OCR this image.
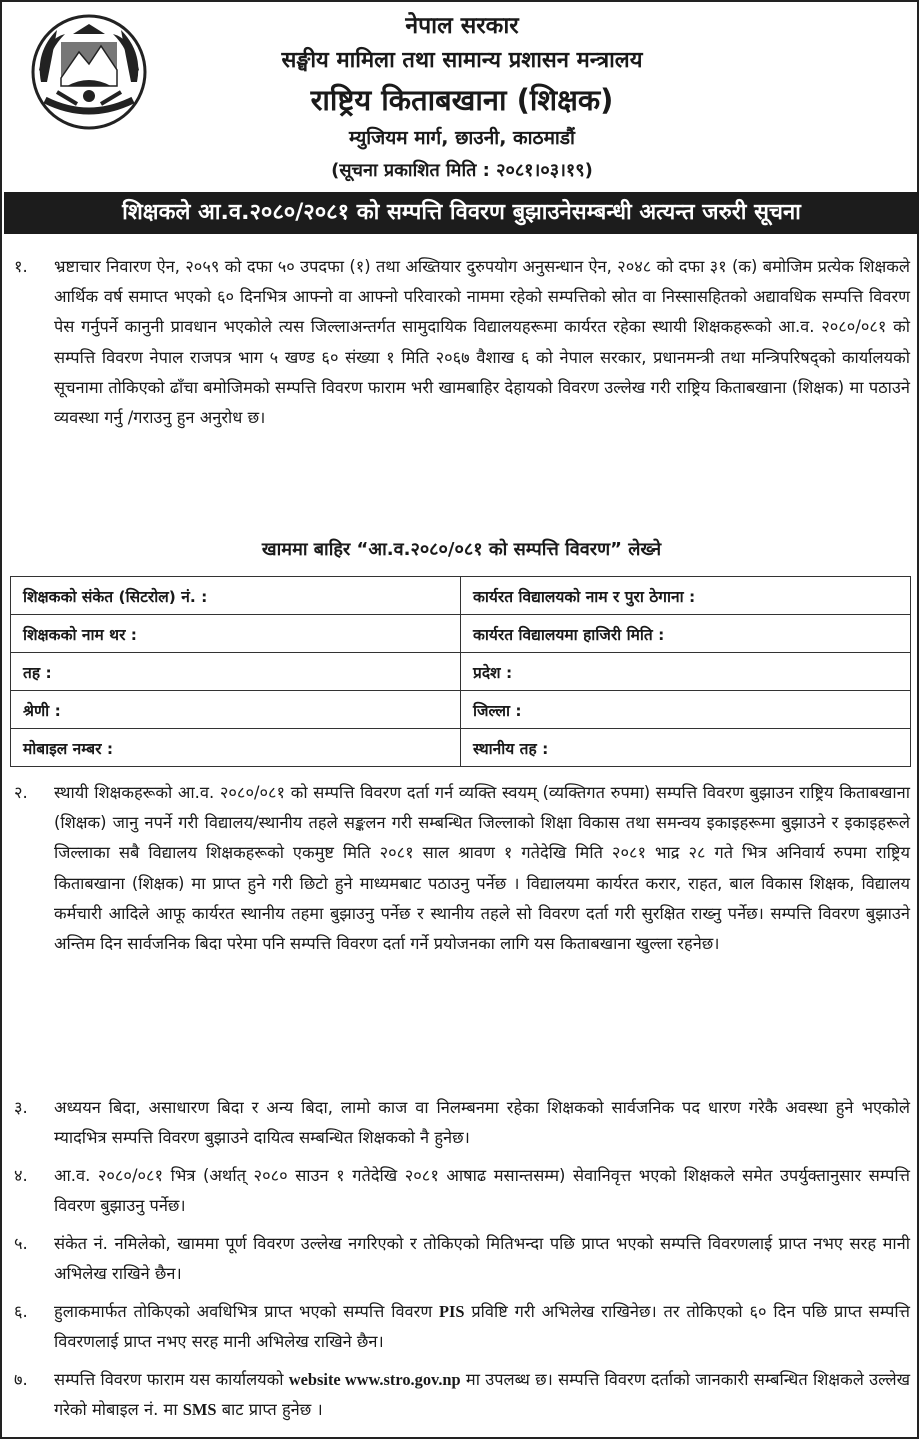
नेपाल सरकार
सङ्घीय मामिला तथा सामान्य प्रशासन मन्त्रालय
राष्ट्रिय किताबखाना (शिक्षक)
म्युजियम मार्ग, छाउनी, काठमाडौं
(सूचना प्रकाशित मिति : २०८१।०३।१९)
शिक्षकले आ.व.२०८०/२०८१ को सम्पत्ति विवरण बुझाउनेसम्बन्धी अत्यन्त जरुरी सूचना
१. भ्रष्टाचार निवारण ऐन, २०५९ को दफा ५० उपदफा (१) तथा अख्तियार दुरुपयोग अनुसन्धान ऐन, २०४८ को दफा ३१ (क) बमोजिम प्रत्येक शिक्षकले आर्थिक वर्ष समाप्त भएको ६० दिनभित्र आफ्नो वा आफ्नो परिवारको नाममा रहेको सम्पत्तिको स्रोत वा निस्सासहितको अद्यावधिक सम्पत्ति विवरण पेस गर्नुपर्ने कानुनी प्रावधान भएकोले त्यस जिल्लाअन्तर्गत सामुदायिक विद्यालयहरूमा कार्यरत रहेका स्थायी शिक्षकहरूको आ.व. २०८०/०८१ को सम्पत्ति विवरण नेपाल राजपत्र भाग ५ खण्ड ६० संख्या १ मिति २०६७ वैशाख ६ को नेपाल सरकार, प्रधानमन्त्री तथा मन्त्रिपरिषद्को कार्यालयको सूचनामा तोकिएको ढाँचा बमोजिमको सम्पत्ति विवरण फाराम भरी खामबाहिर देहायको विवरण उल्लेख गरी राष्ट्रिय किताबखाना (शिक्षक) मा पठाउने व्यवस्था गर्नु /गराउनु हुन अनुरोध छ।
खाममा बाहिर “आ.व.२०८०/०८१ को सम्पत्ति विवरण” लेख्ने
शिक्षकको संकेत (सिटरोल) नं. :	कार्यरत विद्यालयको नाम र पुरा ठेगाना :
शिक्षकको नाम थर :	कार्यरत विद्यालयमा हाजिरी मिति :
तह :	प्रदेश :
श्रेणी :	जिल्ला :
मोबाइल नम्बर :	स्थानीय तह :
२. स्थायी शिक्षकहरूको आ.व. २०८०/०८१ को सम्पत्ति विवरण दर्ता गर्न व्यक्ति स्वयम् (व्यक्तिगत रुपमा) सम्पत्ति विवरण बुझाउन राष्ट्रिय किताबखाना (शिक्षक) जानु नपर्ने गरी विद्यालय/स्थानीय तहले सङ्कलन गरी सम्बन्धित जिल्लाको शिक्षा विकास तथा समन्वय इकाइहरूमा बुझाउने र इकाइहरूले जिल्लाका सबै विद्यालय शिक्षकहरूको एकमुष्ट मिति २०८१ साल श्रावण १ गतेदेखि मिति २०८१ भाद्र २८ गते भित्र अनिवार्य रुपमा राष्ट्रिय किताबखाना (शिक्षक) मा प्राप्त हुने गरी छिटो हुने माध्यमबाट पठाउनु पर्नेछ । विद्यालयमा कार्यरत करार, राहत, बाल विकास शिक्षक, विद्यालय कर्मचारी आदिले आफू कार्यरत स्थानीय तहमा बुझाउनु पर्नेछ र स्थानीय तहले सो विवरण दर्ता गरी सुरक्षित राख्नु पर्नेछ। सम्पत्ति विवरण बुझाउने अन्तिम दिन सार्वजनिक बिदा परेमा पनि सम्पत्ति विवरण दर्ता गर्ने प्रयोजनका लागि यस किताबखाना खुल्ला रहनेछ।
३. अध्ययन बिदा, असाधारण बिदा र अन्य बिदा, लामो काज वा निलम्बनमा रहेका शिक्षकको सार्वजनिक पद धारण गरेकै अवस्था हुने भएकोले म्यादभित्र सम्पत्ति विवरण बुझाउने दायित्व सम्बन्धित शिक्षकको नै हुनेछ।
४. आ.व. २०८०/०८१ भित्र (अर्थात् २०८० साउन १ गतेदेखि २०८१ आषाढ मसान्तसम्म) सेवानिवृत्त भएको शिक्षकले समेत उपर्युक्तानुसार सम्पत्ति विवरण बुझाउनु पर्नेछ।
५. संकेत नं. नमिलेको, खाममा पूर्ण विवरण उल्लेख नगरिएको र तोकिएको मितिभन्दा पछि प्राप्त भएको सम्पत्ति विवरणलाई प्राप्त नभए सरह मानी अभिलेख राखिने छैन।
६. हुलाकमार्फत तोकिएको अवधिभित्र प्राप्त भएको सम्पत्ति विवरण PIS प्रविष्टि गरी अभिलेख राखिनेछ। तर तोकिएको ६० दिन पछि प्राप्त सम्पत्ति विवरणलाई प्राप्त नभए सरह मानी अभिलेख राखिने छैन।
७. सम्पत्ति विवरण फाराम यस कार्यालयको website www.stro.gov.np मा उपलब्ध छ। सम्पत्ति विवरण दर्ताको जानकारी सम्बन्धित शिक्षकले उल्लेख गरेको मोबाइल नं. मा SMS बाट प्राप्त हुनेछ ।
